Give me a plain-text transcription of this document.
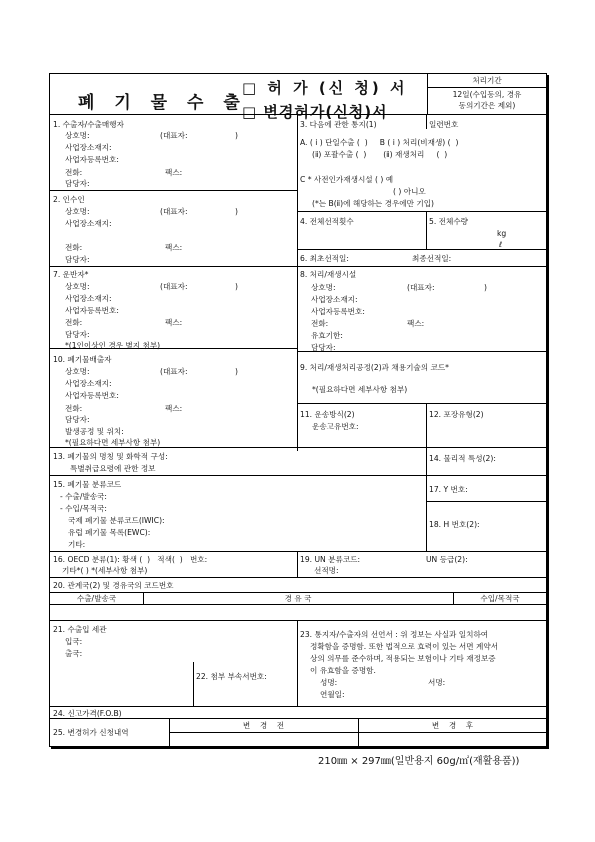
폐 기 물 수 출
□ 허 가 (신 청) 서
□ 변경허가(신청)서
처리기간
12일(수입동의, 경유
동의기간은 제외)
1. 수출자/수출매행자
상호명:	(대표자:	)
사업장소재지:
사업자등록번호:
전화:	팩스:
담당자:
2. 인수인
상호명:	(대표자:	)
사업장소재지:
전화:	팩스:
담당자:
3. 다음에 관한 통지(1)	일련번호
A. ( i ) 단일수출 (  )     B ( i ) 처리(비재생) (  )
(ⅱ) 포괄수출 (  )       (ⅱ) 재생처리     (  )
C * 사전인가재생시설 ( ) 예
( ) 아니오
(*는 B(ⅱ)에 해당하는 경우에만 기입)
4. 전체선적횟수	5. 전체수량
kg
ℓ
6. 최초선적일:	최종선적일:
7. 운반자*
상호명:	(대표자:	)
사업장소재지:
사업자등록번호:
전화:	팩스:
담당자:
*(1인이상인 경우 별지 첨부)
8. 처리/재생시설
상호명:	(대표자:	)
사업장소재지:
사업자등록번호:
전화:	팩스:
유효기한:
담당자:
9. 처리/재생처리공정(2)과 채용기술의 코드*
*(필요하다면 세부사항 첨부)
10. 폐기물배출자
상호명:	(대표자:	)
사업장소재지:
사업자등록번호:
전화:	팩스:
담당자:
발생공정 및 위치:
*(필요하다면 세부사항 첨부)
11. 운송방식(2)
운송고유번호:
12. 포장유형(2)
13. 폐기물의 명칭 및 화학적 구성:
특별취급요령에 관한 정보
14. 물리적 특성(2):
15. 폐기물 분류코드
- 수출/발송국:
- 수입/목적국:
국제 폐기물 분류코드(IWIC):
유럽 폐기물 목록(EWC):
기타:
17. Y 번호:
18. H 번호(2):
16. OECD 분류(1): 황색 (  )   적색(  )   번호:
기타*( ) *(세부사항 첨부)
19. UN 분류코드:	UN 등급(2):
선적명:
20. 관계국(2) 및 경유국의 코드번호
수출/발송국	경 유 국	수입/목적국
21. 수출입 세관
입국:
출국:
22. 첨부 부속서번호:
23. 통지자/수출자의 선언서 : 위 정보는 사실과 일치하여
정확함을 증명함. 또한 법적으로 효력이 있는 서면 계약서
상의 의무를 준수하며, 적용되는 보험이나 기타 재정보증
이 유효함을 증명함.
성명:	서명:
연월일:
24. 신고가격(F.O.B)
25. 변경허가 신청내역
변    경    전	변    경    후
210㎜ × 297㎜(일반용지 60g/㎡(재활용품))
